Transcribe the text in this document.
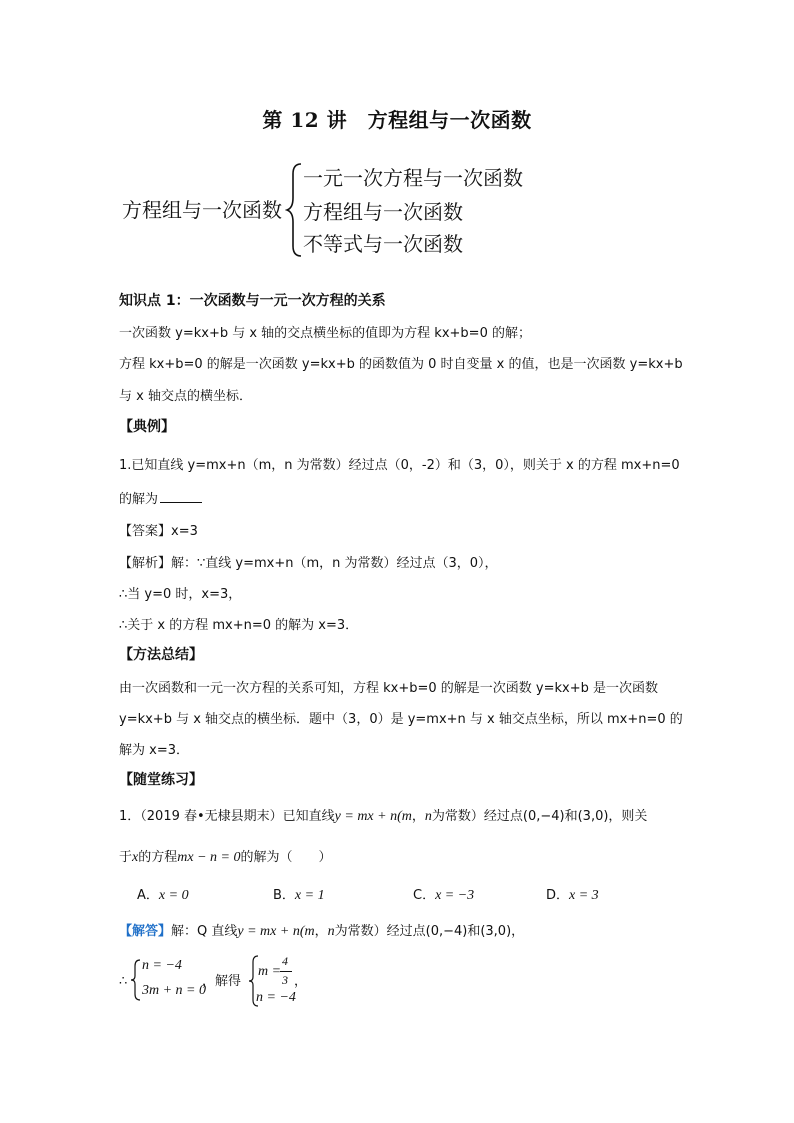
第 12 讲　方程组与一次函数
方程组与一次函数
一元一次方程与一次函数
方程组与一次函数
不等式与一次函数
知识点 1：一次函数与一元一次方程的关系
一次函数 y=kx+b 与 x 轴的交点横坐标的值即为方程 kx+b=0 的解；
方程 kx+b=0 的解是一次函数 y=kx+b 的函数值为 0 时自变量 x 的值，也是一次函数 y=kx+b
与 x 轴交点的横坐标．
【典例】
1.已知直线 y=mx+n（m，n 为常数）经过点（0，-2）和（3，0），则关于 x 的方程 mx+n=0
的解为
【答案】x=3
【解析】解：∵直线 y=mx+n（m，n 为常数）经过点（3，0），
∴当 y=0 时，x=3，
∴关于 x 的方程 mx+n=0 的解为 x=3．
【方法总结】
由一次函数和一元一次方程的关系可知，方程 kx+b=0 的解是一次函数 y=kx+b 是一次函数
y=kx+b 与 x 轴交点的横坐标．题中（3，0）是 y=mx+n 与 x 轴交点坐标，所以 mx+n=0 的
解为 x=3．
【随堂练习】
1．（2019 春•无棣县期末）已知直线y = mx + n(m，n为常数）经过点(0,−4)和(3,0)，则关
于x的方程mx − n = 0的解为（　　）
A．x = 0	B．x = 1	C．x = −3	D．x = 3
【解答】解：Q 直线y = mx + n(m，n为常数）经过点(0,−4)和(3,0)，
∴
n = −4
3m + n = 0
，解得
m =
4
3 ，
n = −4
